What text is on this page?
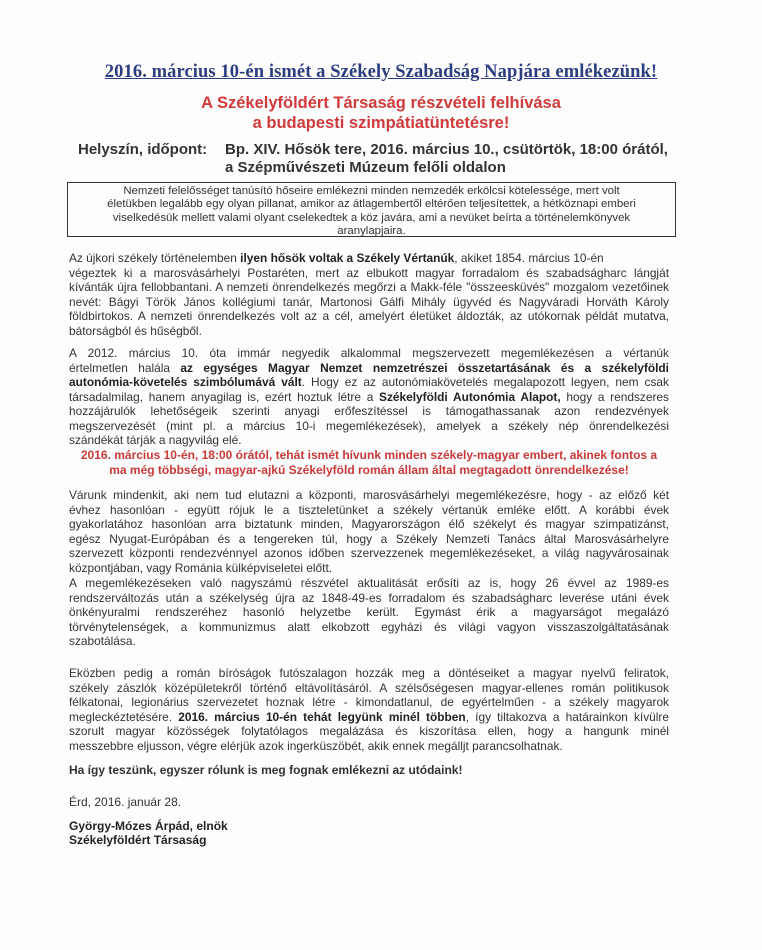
2016. március 10-én ismét a Székely Szabadság Napjára emlékezünk!
A Székelyföldért Társaság részvételi felhívása
a budapesti szimpátiatüntetésre!
Helyszín, időpont: Bp. XIV. Hősök tere, 2016. március 10., csütörtök, 18:00 órától,
a Szépművészeti Múzeum felőli oldalon
Nemzeti felelősséget tanúsító hőseire emlékezni minden nemzedék erkölcsi kötelessége, mert volt
életükben legalább egy olyan pillanat, amikor az átlagembertől eltérően teljesítettek, a hétköznapi emberi
viselkedésük mellett valami olyant cselekedtek a köz javára, ami a nevüket beírta a történelemkönyvek
aranylapjaira.
Az újkori székely történelemben ilyen hősök voltak a Székely Vértanúk, akiket 1854. március 10-én
végeztek ki a marosvásárhelyi Postaréten, mert az elbukott magyar forradalom és szabadságharc lángját
kívánták újra fellobbantani. A nemzeti önrendelkezés megőrzi a Makk-féle "összeesküvés" mozgalom vezetőinek
nevét: Bágyi Török János kollégiumi tanár, Martonosi Gálfi Mihály ügyvéd és Nagyváradi Horváth Károly
földbirtokos. A nemzeti önrendelkezés volt az a cél, amelyért életüket áldozták, az utókornak példát mutatva,
bátorságból és hűségből.
A 2012. március 10. óta immár negyedik alkalommal megszervezett megemlékezésen a vértanúk
értelmetlen halála az egységes Magyar Nemzet nemzetrészei összetartásának és a székelyföldi
autonómia-követelés szimbólumává vált. Hogy ez az autonómiakövetelés megalapozott legyen, nem csak
társadalmilag, hanem anyagilag is, ezért hoztuk létre a Székelyföldi Autonómia Alapot, hogy a rendszeres
hozzájárulók lehetőségeik szerinti anyagi erőfeszítéssel is támogathassanak azon rendezvények
megszervezését (mint pl. a március 10-i megemlékezések), amelyek a székely nép önrendelkezési
szándékát tárják a nagyvilág elé.
2016. március 10-én, 18:00 órától, tehát ismét hívunk minden székely-magyar embert, akinek fontos a
ma még többségi, magyar-ajkú Székelyföld román állam által megtagadott önrendelkezése!
Várunk mindenkit, aki nem tud elutazni a központi, marosvásárhelyi megemlékezésre, hogy - az előző két
évhez hasonlóan - együtt rójuk le a tiszteletünket a székely vértanúk emléke előtt. A korábbi évek
gyakorlatához hasonlóan arra biztatunk minden, Magyarországon élő székelyt és magyar szimpatizánst,
egész Nyugat-Európában és a tengereken túl, hogy a Székely Nemzeti Tanács által Marosvásárhelyre
szervezett központi rendezvénnyel azonos időben szervezzenek megemlékezéseket, a világ nagyvárosainak
központjában, vagy Románia külképviseletei előtt.
A megemlékezéseken való nagyszámú részvétel aktualitását erősíti az is, hogy 26 évvel az 1989-es
rendszerváltozás után a székelység újra az 1848-49-es forradalom és szabadságharc leverése utáni évek
önkényuralmi rendszeréhez hasonló helyzetbe került. Egymást érik a magyarságot megalázó
törvénytelenségek, a kommunizmus alatt elkobzott egyházi és világi vagyon visszaszolgáltatásának
szabotálása.
Eközben pedig a román bíróságok futószalagon hozzák meg a döntéseiket a magyar nyelvű feliratok,
székely zászlók középületekről történő eltávolításáról. A szélsőségesen magyar-ellenes román politikusok
félkatonai, legionárius szervezetet hoznak létre - kimondatlanul, de egyértelműen - a székely magyarok
megleckéztetésére. 2016. március 10-én tehát legyünk minél többen, így tiltakozva a határainkon kívülre
szorult magyar közösségek folytatólagos megalázása és kiszorítása ellen, hogy a hangunk minél
messzebbre eljusson, végre elérjük azok ingerküszöbét, akik ennek megálljt parancsolhatnak.
Ha így teszünk, egyszer rólunk is meg fognak emlékezni az utódaink!
Érd, 2016. január 28.
György-Mózes Árpád, elnök
Székelyföldért Társaság
